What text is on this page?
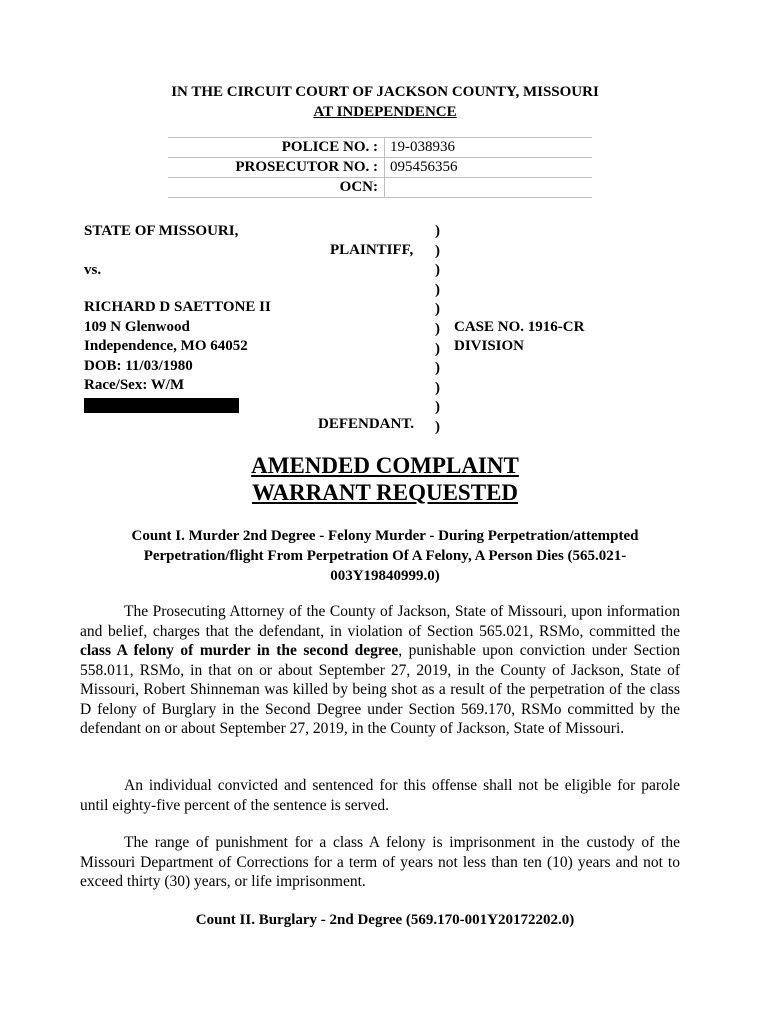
IN THE CIRCUIT COURT OF JACKSON COUNTY, MISSOURI
AT INDEPENDENCE
POLICE NO. :	19-038936
PROSECUTOR NO. :	095456356
OCN:	
STATE OF MISSOURI,
PLAINTIFF,
vs.
RICHARD D SAETTONE II
109 N Glenwood
Independence, MO 64052
DOB: 11/03/1980
Race/Sex: W/M
DEFENDANT.
)
)
)
)
)
)
)
)
)
)
)
CASE NO. 1916-CR
DIVISION
AMENDED COMPLAINT
WARRANT REQUESTED
Count I. Murder 2nd Degree - Felony Murder - During Perpetration/attempted Perpetration/flight From Perpetration Of A Felony, A Person Dies (565.021-003Y19840999.0)
The Prosecuting Attorney of the County of Jackson, State of Missouri, upon information and belief, charges that the defendant, in violation of Section 565.021, RSMo, committed the class A felony of murder in the second degree, punishable upon conviction under Section 558.011, RSMo, in that on or about September 27, 2019, in the County of Jackson, State of Missouri, Robert Shinneman was killed by being shot as a result of the perpetration of the class D felony of Burglary in the Second Degree under Section 569.170, RSMo committed by the defendant on or about September 27, 2019, in the County of Jackson, State of Missouri.
An individual convicted and sentenced for this offense shall not be eligible for parole until eighty-five percent of the sentence is served.
The range of punishment for a class A felony is imprisonment in the custody of the Missouri Department of Corrections for a term of years not less than ten (10) years and not to exceed thirty (30) years, or life imprisonment.
Count II. Burglary - 2nd Degree (569.170-001Y20172202.0)
